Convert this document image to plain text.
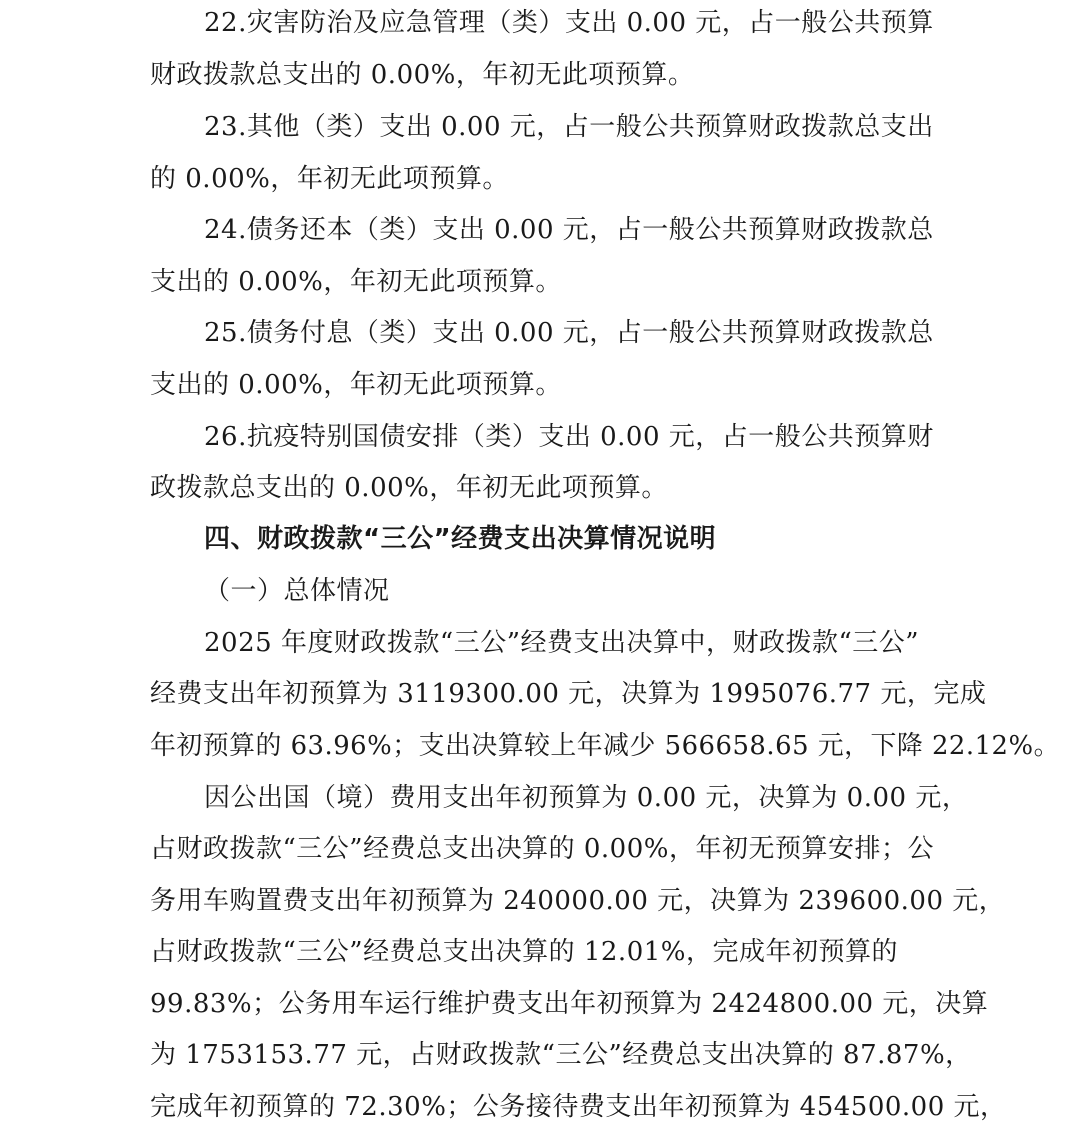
22.灾害防治及应急管理（类）支出 0.00 元，占一般公共预算
财政拨款总支出的 0.00%，年初无此项预算。
23.其他（类）支出 0.00 元，占一般公共预算财政拨款总支出
的 0.00%，年初无此项预算。
24.债务还本（类）支出 0.00 元，占一般公共预算财政拨款总
支出的 0.00%，年初无此项预算。
25.债务付息（类）支出 0.00 元，占一般公共预算财政拨款总
支出的 0.00%，年初无此项预算。
26.抗疫特别国债安排（类）支出 0.00 元，占一般公共预算财
政拨款总支出的 0.00%，年初无此项预算。
四、财政拨款“三公”经费支出决算情况说明
（一）总体情况
2025 年度财政拨款“三公”经费支出决算中，财政拨款“三公”
经费支出年初预算为 3119300.00 元，决算为 1995076.77 元，完成
年初预算的 63.96%；支出决算较上年减少 566658.65 元，下降 22.12%。
因公出国（境）费用支出年初预算为 0.00 元，决算为 0.00 元，
占财政拨款“三公”经费总支出决算的 0.00%，年初无预算安排；公
务用车购置费支出年初预算为 240000.00 元，决算为 239600.00 元，
占财政拨款“三公”经费总支出决算的 12.01%，完成年初预算的
99.83%；公务用车运行维护费支出年初预算为 2424800.00 元，决算
为 1753153.77 元，占财政拨款“三公”经费总支出决算的 87.87%，
完成年初预算的 72.30%；公务接待费支出年初预算为 454500.00 元，
